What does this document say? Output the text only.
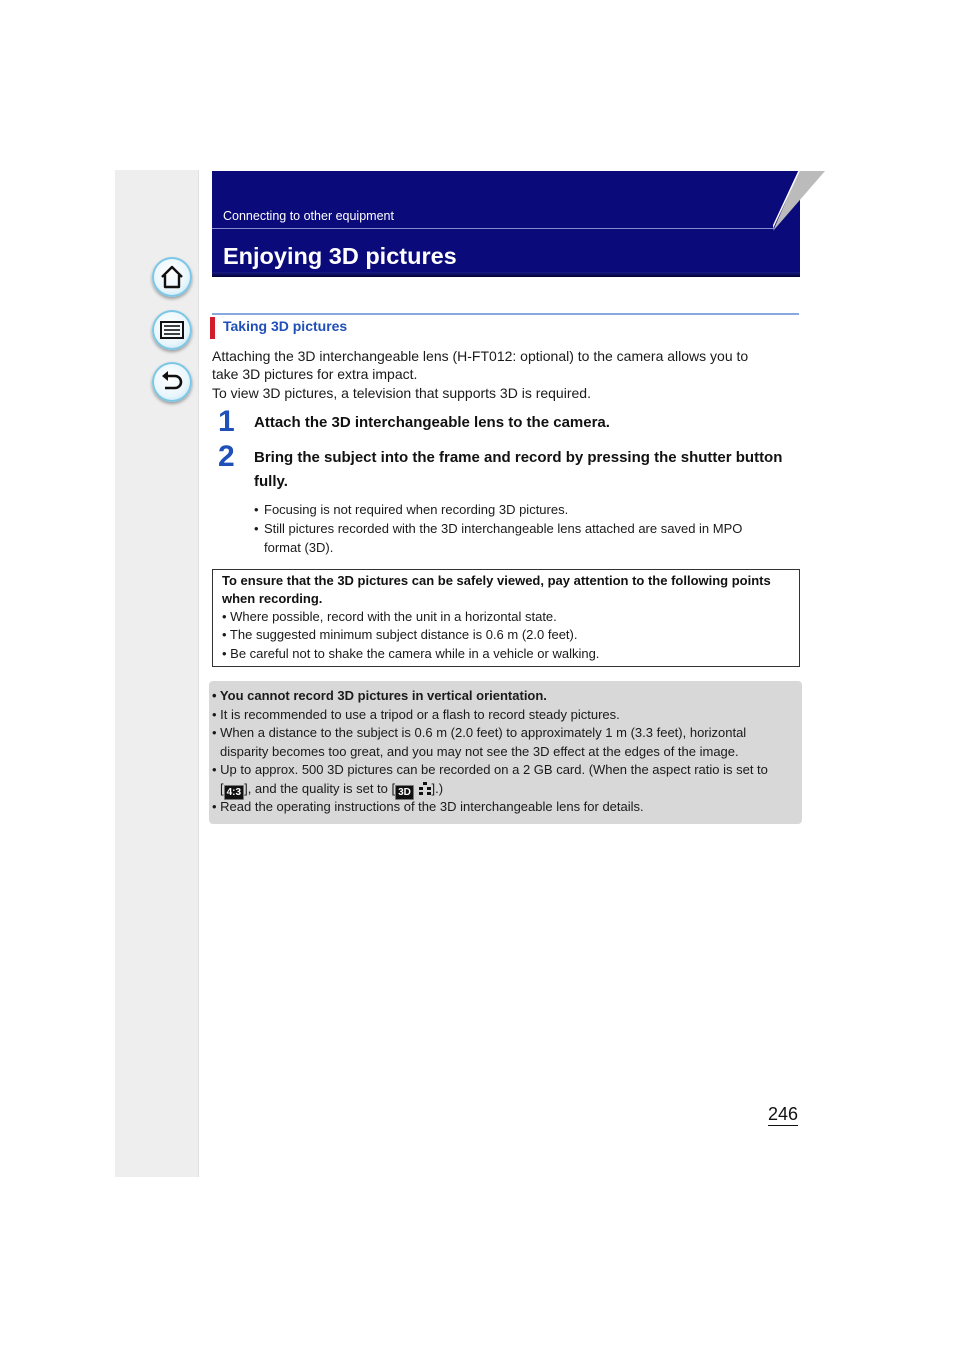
Connecting to other equipment
Enjoying 3D pictures
Taking 3D pictures
Attaching the 3D interchangeable lens (H-FT012: optional) to the camera allows you to
take 3D pictures for extra impact.
To view 3D pictures, a television that supports 3D is required.
1 Attach the 3D interchangeable lens to the camera.
2 Bring the subject into the frame and record by pressing the shutter button fully.
• Focusing is not required when recording 3D pictures.
• Still pictures recorded with the 3D interchangeable lens attached are saved in MPO
format (3D).
To ensure that the 3D pictures can be safely viewed, pay attention to the following points when recording.
• Where possible, record with the unit in a horizontal state.
• The suggested minimum subject distance is 0.6 m (2.0 feet).
• Be careful not to shake the camera while in a vehicle or walking.
• You cannot record 3D pictures in vertical orientation.
• It is recommended to use a tripod or a flash to record steady pictures.
• When a distance to the subject is 0.6 m (2.0 feet) to approximately 1 m (3.3 feet), horizontal
disparity becomes too great, and you may not see the 3D effect at the edges of the image.
• Up to approx. 500 3D pictures can be recorded on a 2 GB card. (When the aspect ratio is set to
[ 4:3 ], and the quality is set to [ 3D ].)
• Read the operating instructions of the 3D interchangeable lens for details.
246
